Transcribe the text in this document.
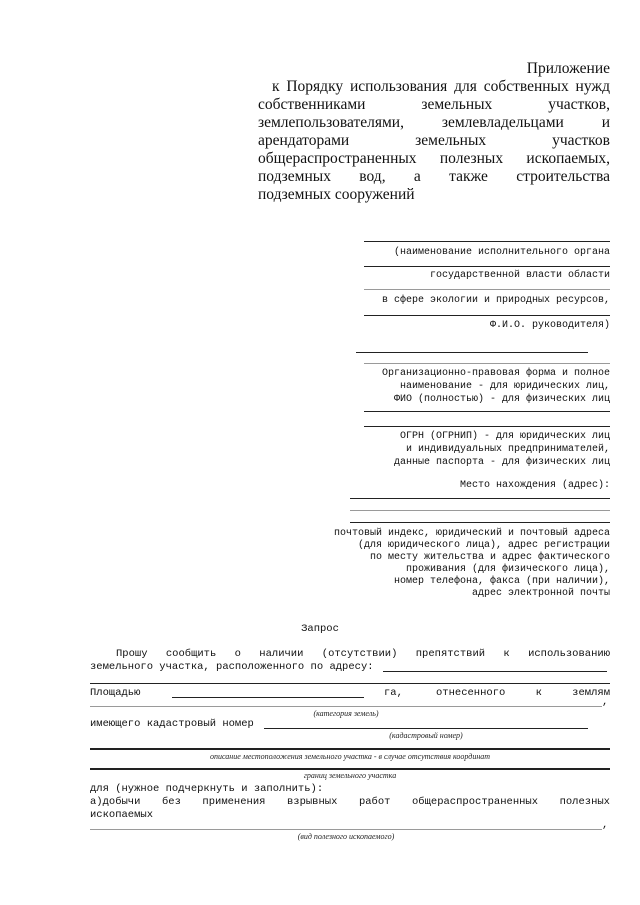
Приложение
к Порядку использования для собственных нужд
собственниками земельных участков,
землепользователями, землевладельцами и
арендаторами земельных участков
общераспространенных полезных ископаемых,
подземных вод, а также строительства
подземных сооружений
(наименование исполнительного органа
государственной власти области
в сфере экологии и природных ресурсов,
Ф.И.О. руководителя)
Организационно-правовая форма и полное
наименование - для юридических лиц,
ФИО (полностью) - для физических лиц
ОГРН (ОГРНИП) - для юридических лиц
и индивидуальных предпринимателей,
данные паспорта - для физических лиц
Место нахождения (адрес):
почтовый индекс, юридический и почтовый адреса
(для юридического лица), адрес регистрации
по месту жительства и адрес фактического
проживания (для физического лица),
номер телефона, факса (при наличии),
адрес электронной почты
Запрос
Прошу сообщить о наличии (отсутствии) препятствий к использованию
земельного участка, расположенного по адресу:
Площадью	га,	отнесенного к землям
,
(категория земель)
имеющего кадастровый номер
(кадастровый номер)
описание местоположения земельного участка - в случае отсутствия координат
границ земельного участка
для (нужное подчеркнуть и заполнить):
а)добычи без применения взрывных работ общераспространенных полезных
ископаемых
,
(вид полезного ископаемого)
